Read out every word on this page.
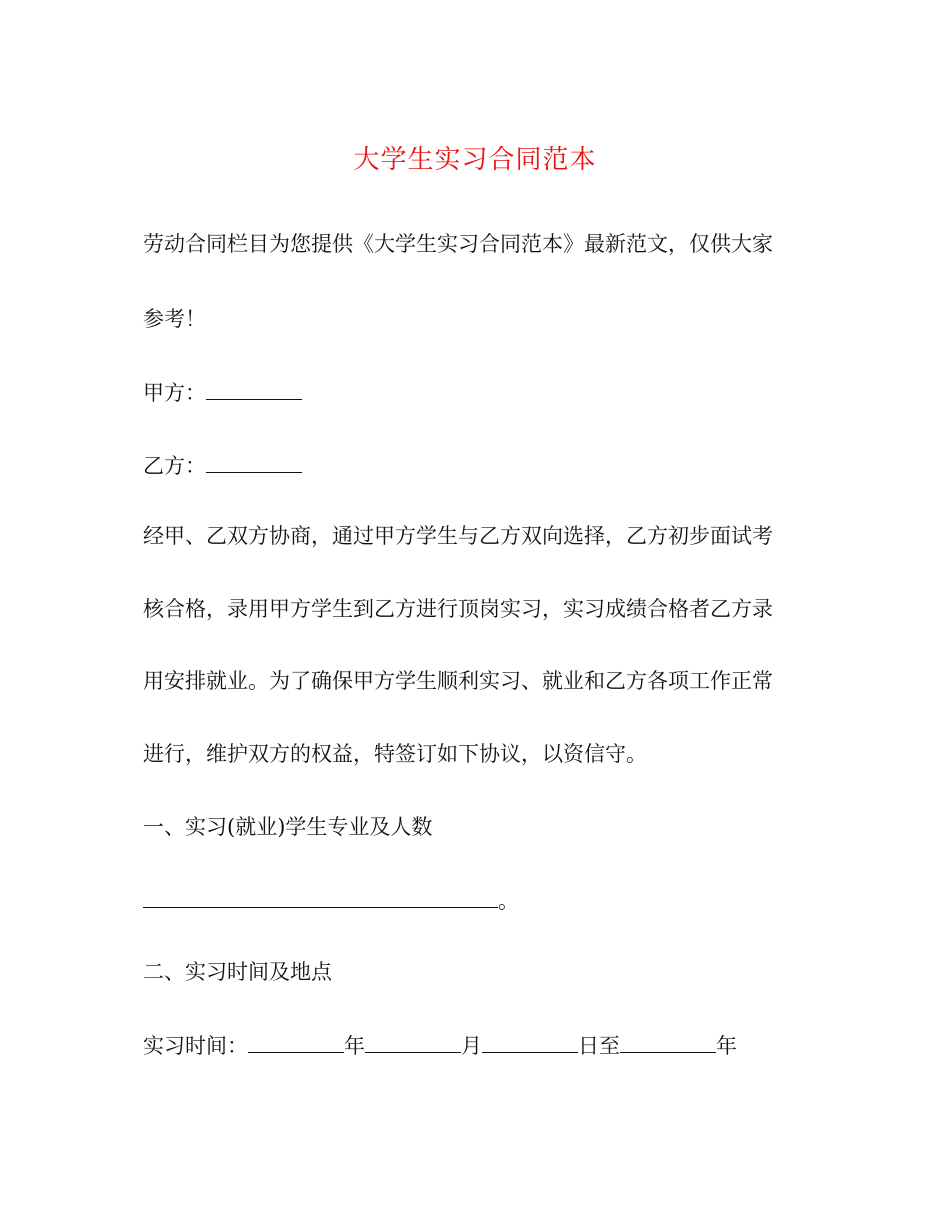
大学生实习合同范本
劳动合同栏目为您提供《大学生实习合同范本》最新范文，仅供大家
参考！
甲方：
乙方：
经甲、乙双方协商，通过甲方学生与乙方双向选择，乙方初步面试考
核合格，录用甲方学生到乙方进行顶岗实习，实习成绩合格者乙方录
用安排就业。为了确保甲方学生顺利实习、就业和乙方各项工作正常
进行，维护双方的权益，特签订如下协议，以资信守。
一、实习(就业)学生专业及人数
。
二、实习时间及地点
实习时间：	年	月	日至	年
